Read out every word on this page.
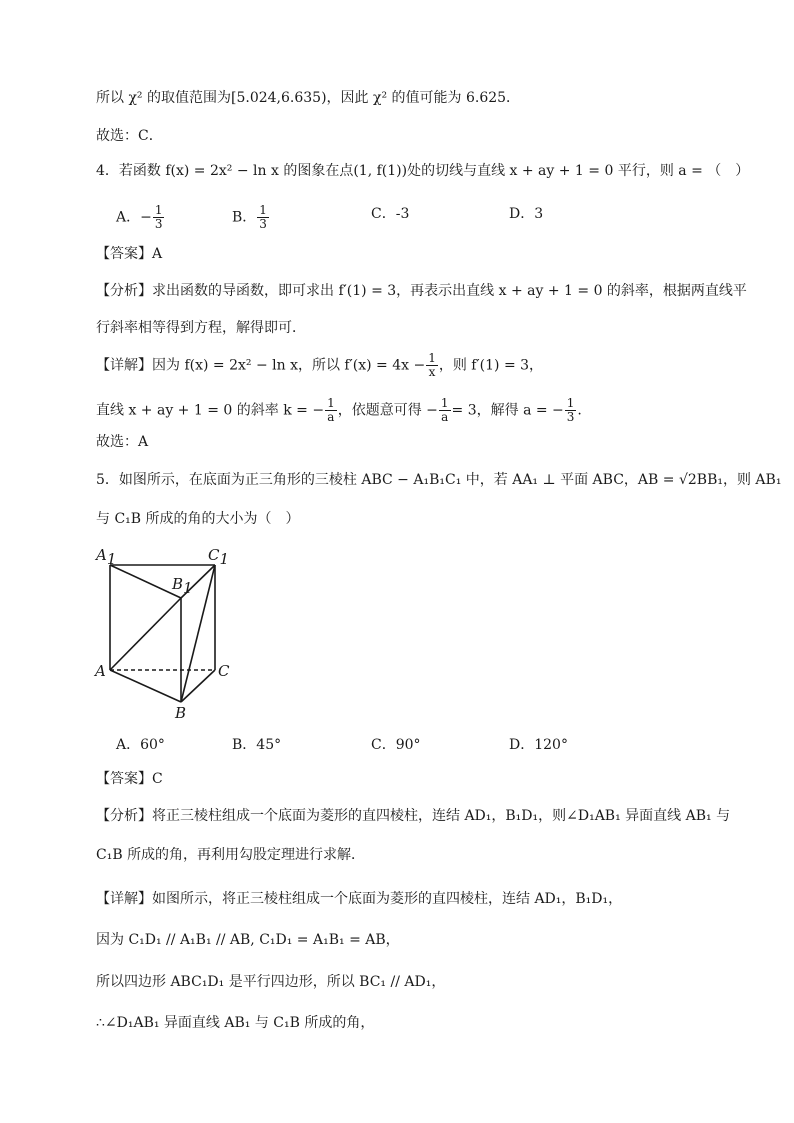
所以 χ² 的取值范围为[5.024,6.635)，因此 χ² 的值可能为 6.625．
故选：C．
4．若函数 f(x) = 2x² − ln x 的图象在点(1, f(1))处的切线与直线 x + ay + 1 = 0 平行，则 a = （　）
A．− $\frac{1}{3}$	B． $\frac{1}{3}$	C．-3	D．3
【答案】A
【分析】求出函数的导函数，即可求出 f′(1) = 3，再表示出直线 x + ay + 1 = 0 的斜率，根据两直线平
行斜率相等得到方程，解得即可．
【详解】因为 f(x) = 2x² − ln x，所以 $f'(x) = 4x - \frac{1}{x}$ ，则 f′(1) = 3，
直线 x + ay + 1 = 0 的斜率 k = − $\frac{1}{a}$ ，依题意可得 − $\frac{1}{a} = 3$，解得 a = − $\frac{1}{3}$ .
故选：A
5．如图所示，在底面为正三角形的三棱柱 ABC − A₁B₁C₁ 中，若 AA₁ ⊥ 平面 ABC，AB = √2BB₁，则 AB₁
与 C₁B 所成的角的大小为（　）
A1
B1
C1
A
B
C
A．60°	B．45°	C．90°	D．120°
【答案】C
【分析】将正三棱柱组成一个底面为菱形的直四棱柱，连结 AD₁，B₁D₁，则∠D₁AB₁ 异面直线 AB₁ 与
C₁B 所成的角，再利用勾股定理进行求解．
【详解】如图所示，将正三棱柱组成一个底面为菱形的直四棱柱，连结 AD₁，B₁D₁，
因为 C₁D₁ // A₁B₁ // AB, C₁D₁ = A₁B₁ = AB，
所以四边形 ABC₁D₁ 是平行四边形，所以 BC₁ // AD₁，
∴∠D₁AB₁ 异面直线 AB₁ 与 C₁B 所成的角，
